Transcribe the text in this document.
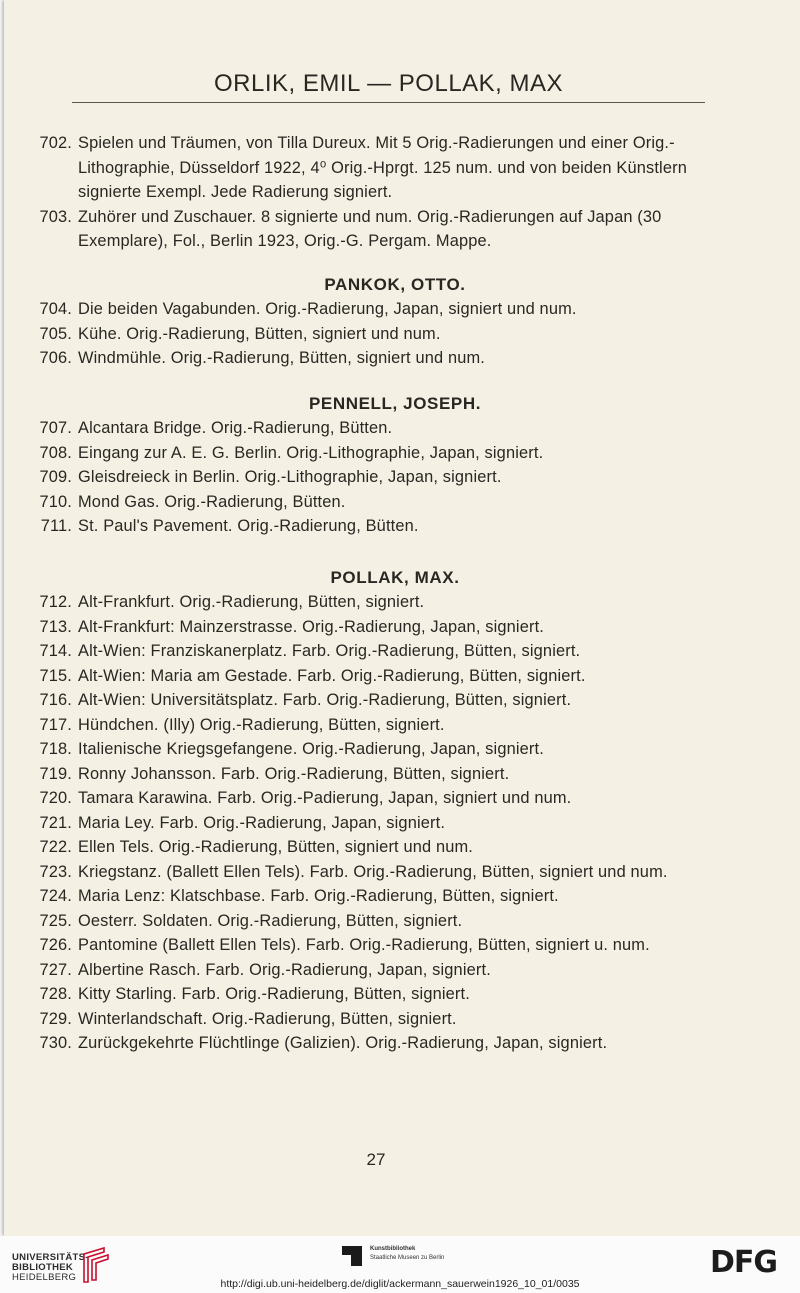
ORLIK, EMIL — POLLAK, MAX
702. Spielen und Träumen, von Tilla Dureux. Mit 5 Orig.-Radierungen und einer Orig.-Lithographie, Düsseldorf 1922, 4⁰ Orig.-Hprgt. 125 num. und von beiden Künstlern signierte Exempl. Jede Radierung signiert.
703. Zuhörer und Zuschauer. 8 signierte und num. Orig.-Radierungen auf Japan (30 Exemplare), Fol., Berlin 1923, Orig.-G. Pergam. Mappe.
PANKOK, OTTO.
704. Die beiden Vagabunden. Orig.-Radierung, Japan, signiert und num.
705. Kühe. Orig.-Radierung, Bütten, signiert und num.
706. Windmühle. Orig.-Radierung, Bütten, signiert und num.
PENNELL, JOSEPH.
707. Alcantara Bridge. Orig.-Radierung, Bütten.
708. Eingang zur A. E. G. Berlin. Orig.-Lithographie, Japan, signiert.
709. Gleisdreieck in Berlin. Orig.-Lithographie, Japan, signiert.
710. Mond Gas. Orig.-Radierung, Bütten.
711. St. Paul's Pavement. Orig.-Radierung, Bütten.
POLLAK, MAX.
712. Alt-Frankfurt. Orig.-Radierung, Bütten, signiert.
713. Alt-Frankfurt: Mainzerstrasse. Orig.-Radierung, Japan, signiert.
714. Alt-Wien: Franziskanerplatz. Farb. Orig.-Radierung, Bütten, signiert.
715. Alt-Wien: Maria am Gestade. Farb. Orig.-Radierung, Bütten, signiert.
716. Alt-Wien: Universitätsplatz. Farb. Orig.-Radierung, Bütten, signiert.
717. Hündchen. (Illy) Orig.-Radierung, Bütten, signiert.
718. Italienische Kriegsgefangene. Orig.-Radierung, Japan, signiert.
719. Ronny Johansson. Farb. Orig.-Radierung, Bütten, signiert.
720. Tamara Karawina. Farb. Orig.-Padierung, Japan, signiert und num.
721. Maria Ley. Farb. Orig.-Radierung, Japan, signiert.
722. Ellen Tels. Orig.-Radierung, Bütten, signiert und num.
723. Kriegstanz. (Ballett Ellen Tels). Farb. Orig.-Radierung, Bütten, signiert und num.
724. Maria Lenz: Klatschbase. Farb. Orig.-Radierung, Bütten, signiert.
725. Oesterr. Soldaten. Orig.-Radierung, Bütten, signiert.
726. Pantomine (Ballett Ellen Tels). Farb. Orig.-Radierung, Bütten, signiert u. num.
727. Albertine Rasch. Farb. Orig.-Radierung, Japan, signiert.
728. Kitty Starling. Farb. Orig.-Radierung, Bütten, signiert.
729. Winterlandschaft. Orig.-Radierung, Bütten, signiert.
730. Zurückgekehrte Flüchtlinge (Galizien). Orig.-Radierung, Japan, signiert.
27
UNIVERSITÄTS-
BIBLIOTHEK
HEIDELBERG
Kunstbibliothek
Staatliche Museen zu Berlin	DFG
http://digi.ub.uni-heidelberg.de/diglit/ackermann_sauerwein1926_10_01/0035
